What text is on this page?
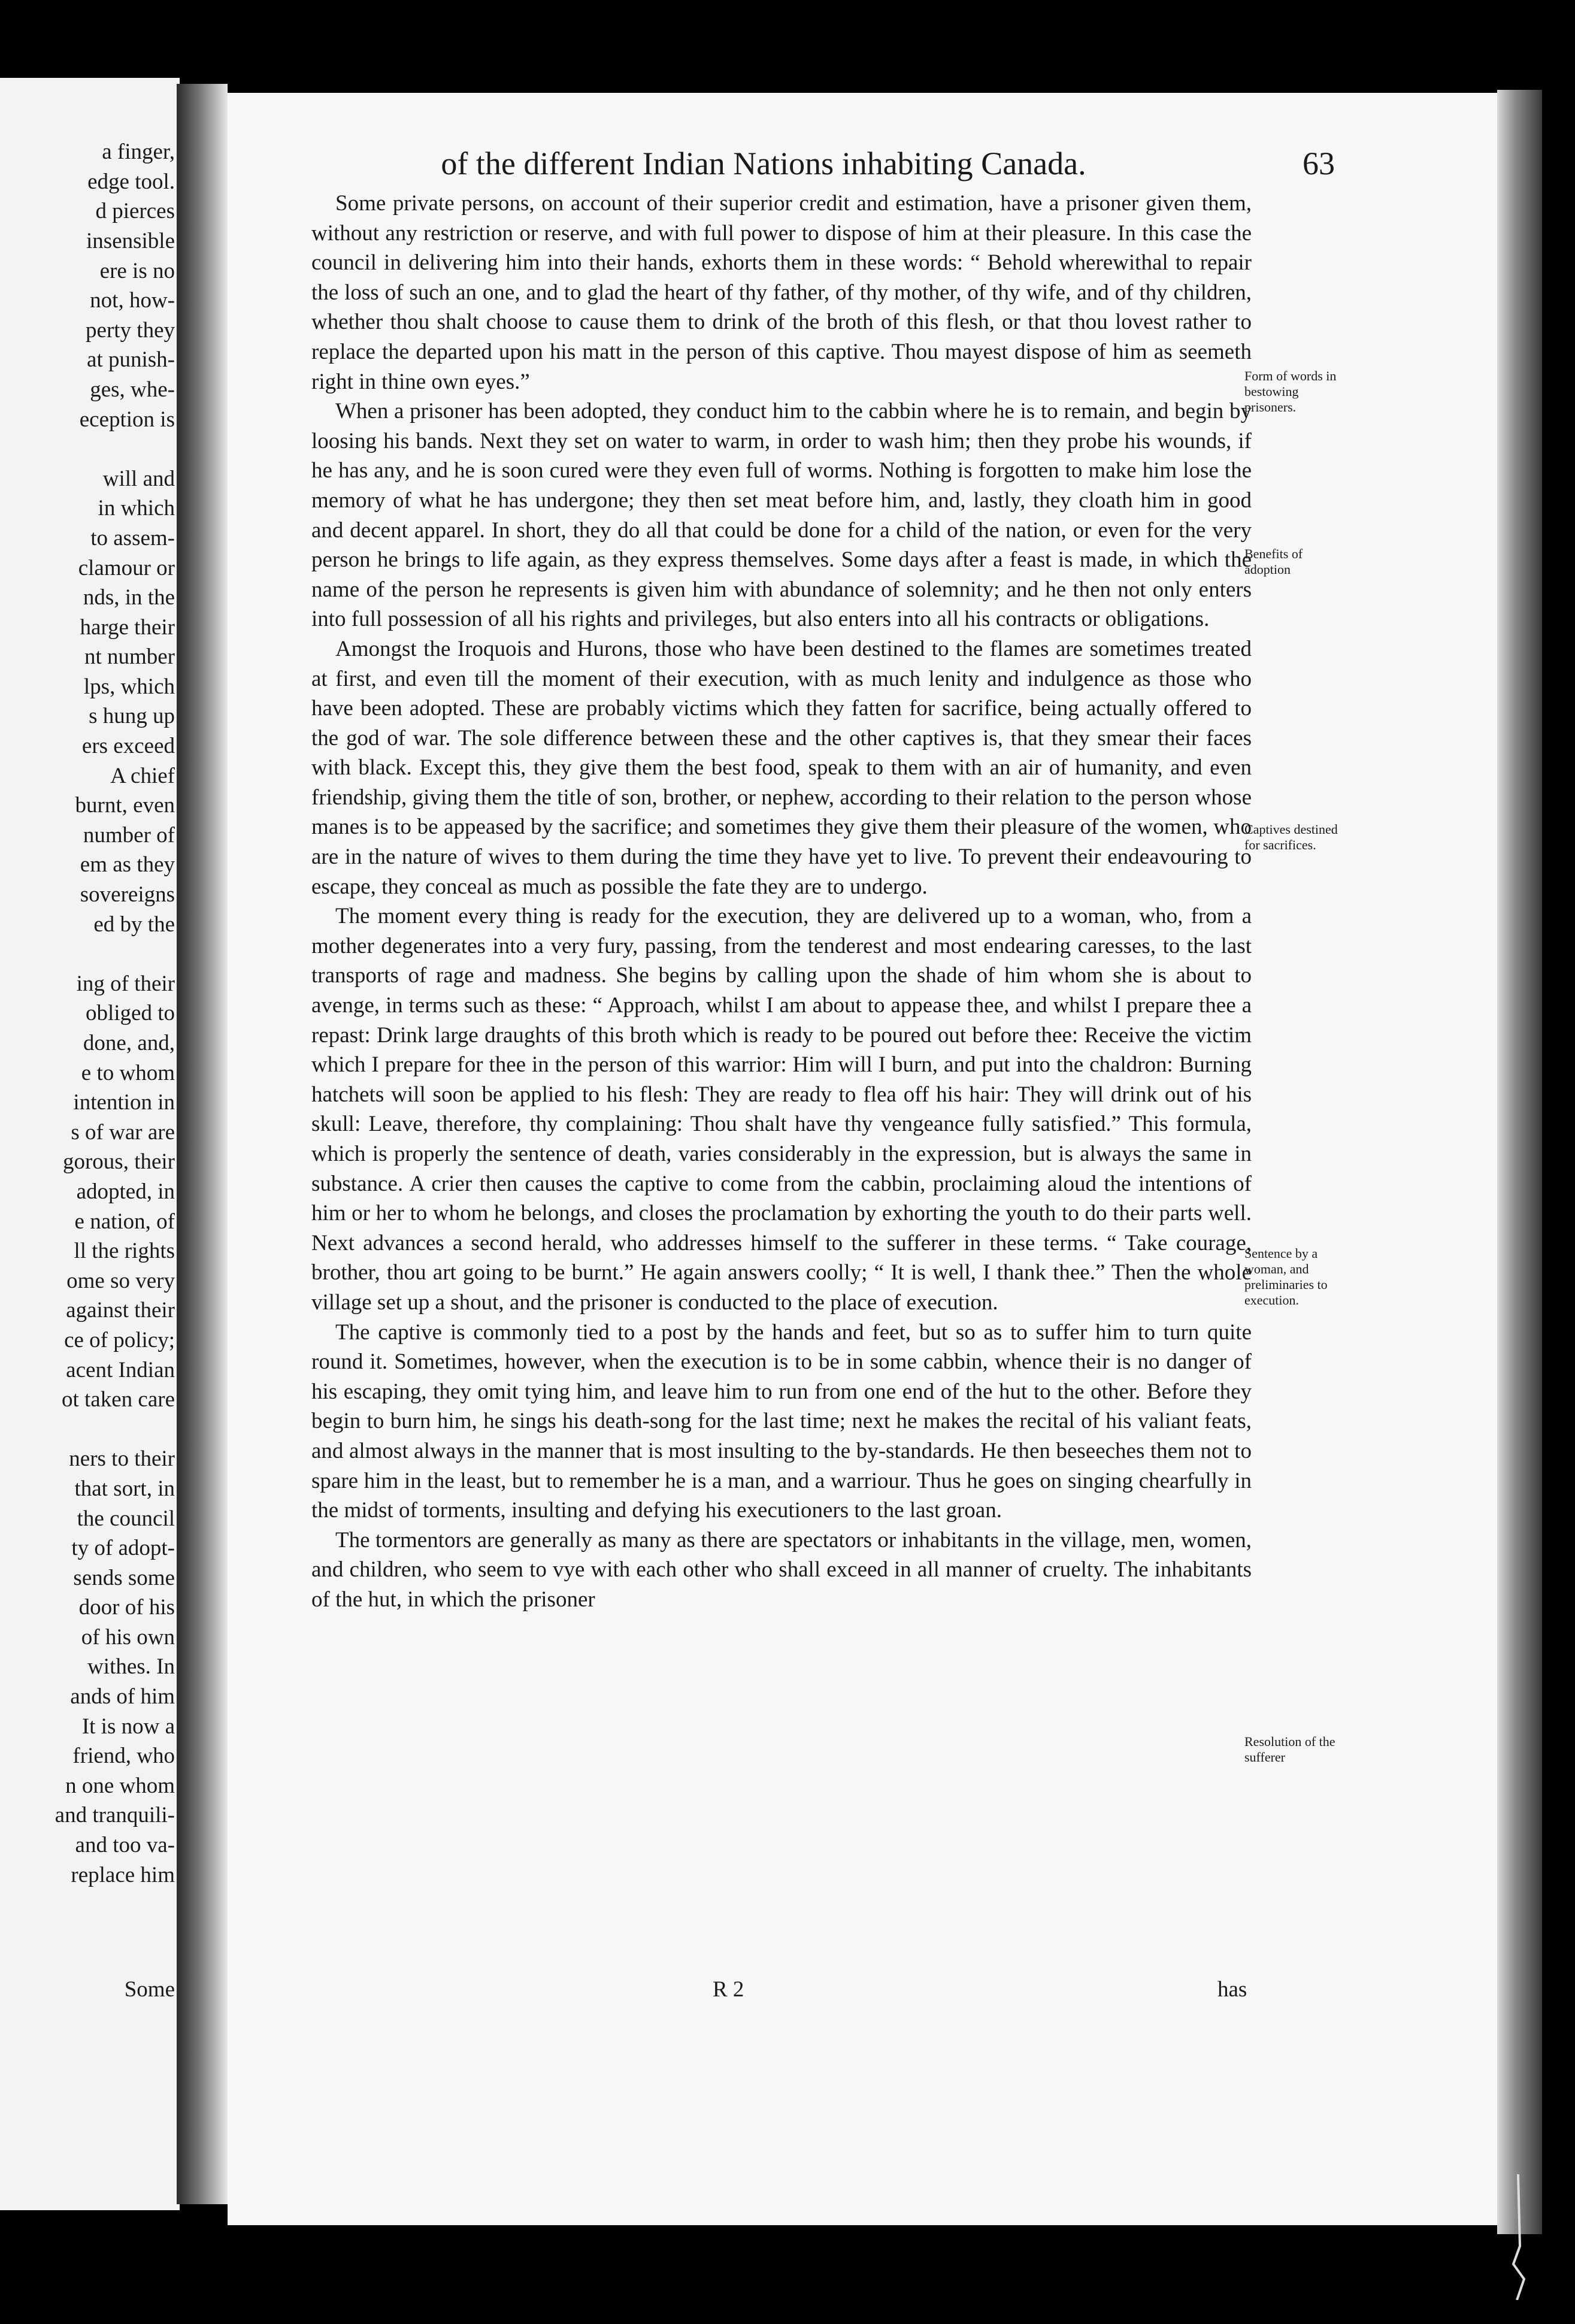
a finger,
edge tool.
d pierces
insensible
ere is no
not, how-
perty they
at punish-
ges, whe-
eception is
will and
in which
to assem-
clamour or
nds, in the
harge their
nt number
lps, which
s hung up
ers exceed
A chief
burnt, even
number of
em as they
sovereigns
ed by the
ing of their
obliged to
done, and,
e to whom
intention in
s of war are
gorous, their
adopted, in
e nation, of
ll the rights
ome so very
against their
ce of policy;
acent Indian
ot taken care
ners to their
that sort, in
the council
ty of adopt-
sends some
door of his
of his own
withes. In
ands of him
It is now a
friend, who
n one whom
and tranquili-
and too va-
replace him
Some
of the different Indian Nations inhabiting Canada.	63

Some private persons, on account of their superior credit and estimation, have a prisoner given them, without any restriction or reserve, and with full power to dispose of him at their pleasure. In this case the council in delivering him into their hands, exhorts them in these words: “ Behold wherewithal to repair the loss of such an one, and to glad the heart of thy father, of thy mother, of thy wife, and of thy children, whether thou shalt choose to cause them to drink of the broth of this flesh, or that thou lovest rather to replace the departed upon his matt in the person of this captive. Thou mayest dispose of him as seemeth right in thine own eyes.”

When a prisoner has been adopted, they conduct him to the cabbin where he is to remain, and begin by loosing his bands. Next they set on water to warm, in order to wash him; then they probe his wounds, if he has any, and he is soon cured were they even full of worms. Nothing is forgotten to make him lose the memory of what he has undergone; they then set meat before him, and, lastly, they cloath him in good and decent apparel. In short, they do all that could be done for a child of the nation, or even for the very person he brings to life again, as they express themselves. Some days after a feast is made, in which the name of the person he represents is given him with abundance of solemnity; and he then not only enters into full possession of all his rights and privileges, but also enters into all his contracts or obligations.

Amongst the Iroquois and Hurons, those who have been destined to the flames are sometimes treated at first, and even till the moment of their execution, with as much lenity and indulgence as those who have been adopted. These are probably victims which they fatten for sacrifice, being actually offered to the god of war. The sole difference between these and the other captives is, that they smear their faces with black. Except this, they give them the best food, speak to them with an air of humanity, and even friendship, giving them the title of son, brother, or nephew, according to their relation to the person whose manes is to be appeased by the sacrifice; and sometimes they give them their pleasure of the women, who are in the nature of wives to them during the time they have yet to live. To prevent their endeavouring to escape, they conceal as much as possible the fate they are to undergo.

The moment every thing is ready for the execution, they are delivered up to a woman, who, from a mother degenerates into a very fury, passing, from the tenderest and most endearing caresses, to the last transports of rage and madness. She begins by calling upon the shade of him whom she is about to avenge, in terms such as these: “ Approach, whilst I am about to appease thee, and whilst I prepare thee a repast: Drink large draughts of this broth which is ready to be poured out before thee: Receive the victim which I prepare for thee in the person of this warrior: Him will I burn, and put into the chaldron: Burning hatchets will soon be applied to his flesh: They are ready to flea off his hair: They will drink out of his skull: Leave, therefore, thy complaining: Thou shalt have thy vengeance fully satisfied.” This formula, which is properly the sentence of death, varies considerably in the expression, but is always the same in substance. A crier then causes the captive to come from the cabbin, proclaiming aloud the intentions of him or her to whom he belongs, and closes the proclamation by exhorting the youth to do their parts well. Next advances a second herald, who addresses himself to the sufferer in these terms. “ Take courage, brother, thou art going to be burnt.” He again answers coolly; “ It is well, I thank thee.” Then the whole village set up a shout, and the prisoner is conducted to the place of execution.

The captive is commonly tied to a post by the hands and feet, but so as to suffer him to turn quite round it. Sometimes, however, when the execution is to be in some cabbin, whence their is no danger of his escaping, they omit tying him, and leave him to run from one end of the hut to the other. Before they begin to burn him, he sings his death-song for the last time; next he makes the recital of his valiant feats, and almost always in the manner that is most insulting to the by-standards. He then beseeches them not to spare him in the least, but to remember he is a man, and a warriour. Thus he goes on singing chearfully in the midst of torments, insulting and defying his executioners to the last groan.

The tormentors are generally as many as there are spectators or inhabitants in the village, men, women, and children, who seem to vye with each other who shall exceed in all manner of cruelty. The inhabitants of the hut, in which the prisoner

Form of words in bestowing prisoners.
Benefits of adoption
Captives destined for sacrifices.
Sentence by a woman, and preliminaries to execution.
Resolution of the sufferer
R 2	has
